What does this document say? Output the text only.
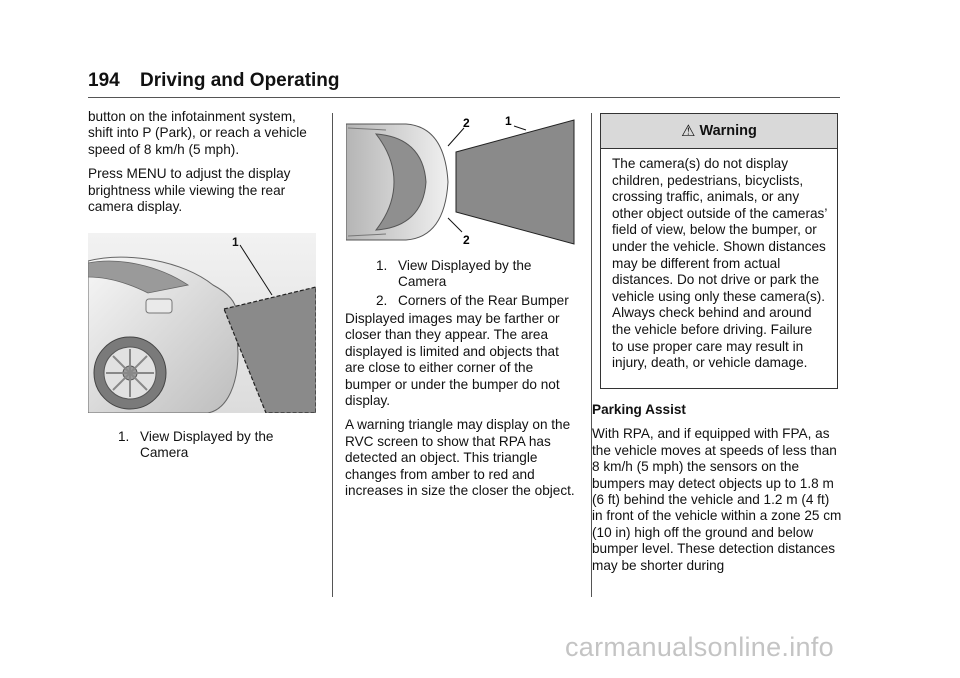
194 Driving and Operating

button on the infotainment system, shift into P (Park), or reach a vehicle speed of 8 km/h (5 mph).

Press MENU to adjust the display brightness while viewing the rear camera display.

1
1. View Displayed by the Camera
2	1
2
1. View Displayed by the Camera
2. Corners of the Rear Bumper

Displayed images may be farther or closer than they appear. The area displayed is limited and objects that are close to either corner of the bumper or under the bumper do not display.

A warning triangle may display on the RVC screen to show that RPA has detected an object. This triangle changes from amber to red and increases in size the closer the object.

⚠ Warning
The camera(s) do not display children, pedestrians, bicyclists, crossing traffic, animals, or any other object outside of the cameras’ field of view, below the bumper, or under the vehicle. Shown distances may be different from actual distances. Do not drive or park the vehicle using only these camera(s). Always check behind and around the vehicle before driving. Failure to use proper care may result in injury, death, or vehicle damage.
Parking Assist

With RPA, and if equipped with FPA, as the vehicle moves at speeds of less than 8 km/h (5 mph) the sensors on the bumpers may detect objects up to 1.8 m (6 ft) behind the vehicle and 1.2 m (4 ft) in front of the vehicle within a zone 25 cm (10 in) high off the ground and below bumper level. These detection distances may be shorter during

carmanualsonline.info
